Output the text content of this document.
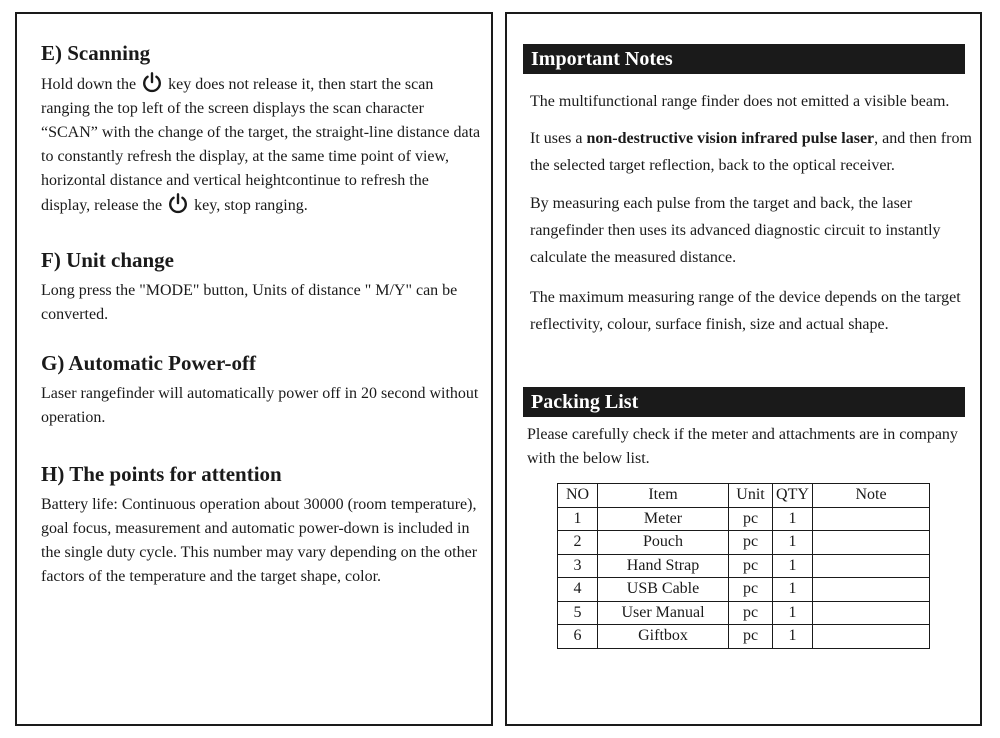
E) Scanning

Hold down the key does not release it, then start the scan ranging the top left of the screen displays the scan character “SCAN” with the change of the target, the straight-line distance data to constantly refresh the display, at the same time point of view, horizontal distance and vertical heightcontinue to refresh the display, release the key, stop ranging.

F) Unit change

Long press the "MODE" button, Units of distance " M/Y" can be converted.

G) Automatic Power-off

Laser rangefinder will automatically power off in 20 second without operation.

H) The points for attention

Battery life: Continuous operation about 30000 (room temperature), goal focus, measurement and automatic power-down is included in the single duty cycle. This number may vary depending on the other factors of the temperature and the target shape, color.

Important Notes

The multifunctional range finder does not emitted a visible beam.

It uses a non-destructive vision infrared pulse laser, and then from the selected target reflection, back to the optical receiver.

By measuring each pulse from the target and back, the laser rangefinder then uses its advanced diagnostic circuit to instantly calculate the measured distance.

The maximum measuring range of the device depends on the target reflectivity, colour, surface finish, size and actual shape.

Packing List

Please carefully check if the meter and attachments are in company with the below list.

NO	Item	Unit	QTY	Note
1	Meter	pc	1	
2	Pouch	pc	1	
3	Hand Strap	pc	1	
4	USB Cable	pc	1	
5	User Manual	pc	1	
6	Giftbox	pc	1	
